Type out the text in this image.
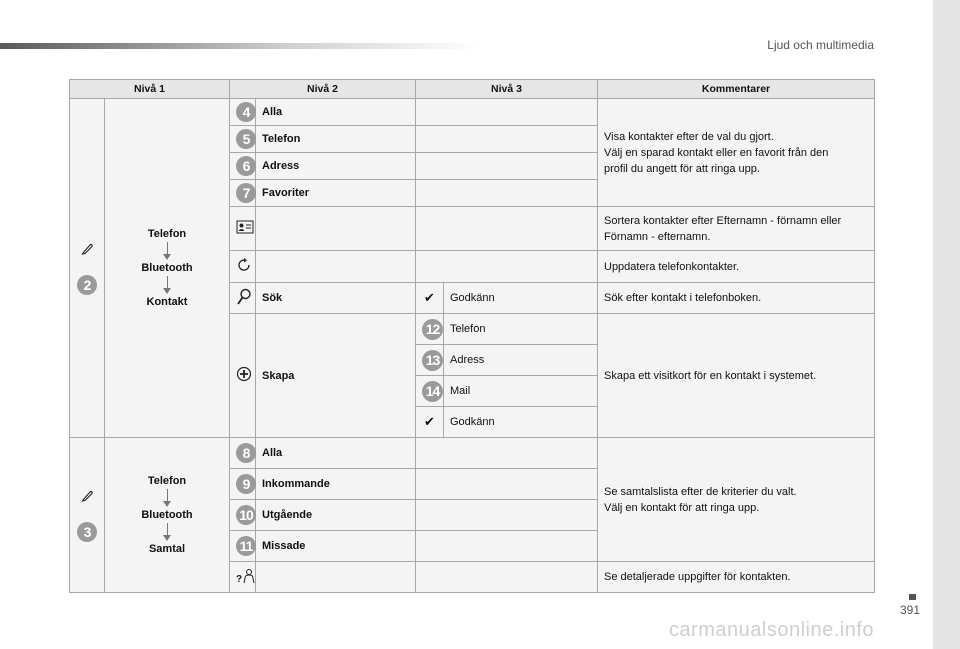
Ljud och multimedia
Nivå 1		Nivå 2		Nivå 3		Kommentarer

2	Telefon
Bluetooth
Kontakt	4	Alla			Visa kontakter efter de val du gjort.
Välj en sparad kontakt eller en favorit från den
profil du angett för att ringa upp.
		5	Telefon			
		6	Adress			
		7	Favoriter			
			Sortera kontakter efter Efternamn - förnamn eller
Förnamn - efternamn.
			Uppdatera telefonkontakter.
	Sök	✔	Godkänn	Sök efter kontakt i telefonboken.
	Skapa	12	Telefon	Skapa ett visitkort för en kontakt i systemet.
				13	Adress	
				14	Mail	
				✔	Godkänn	

3	Telefon
Bluetooth
Samtal	8	Alla			Se samtalslista efter de kriterier du valt.
Välj en kontakt för att ringa upp.
		9	Inkommande			
		10	Utgående			
		11	Missade			

?				Se detaljerade uppgifter för kontakten.
391
carmanualsonline.info
